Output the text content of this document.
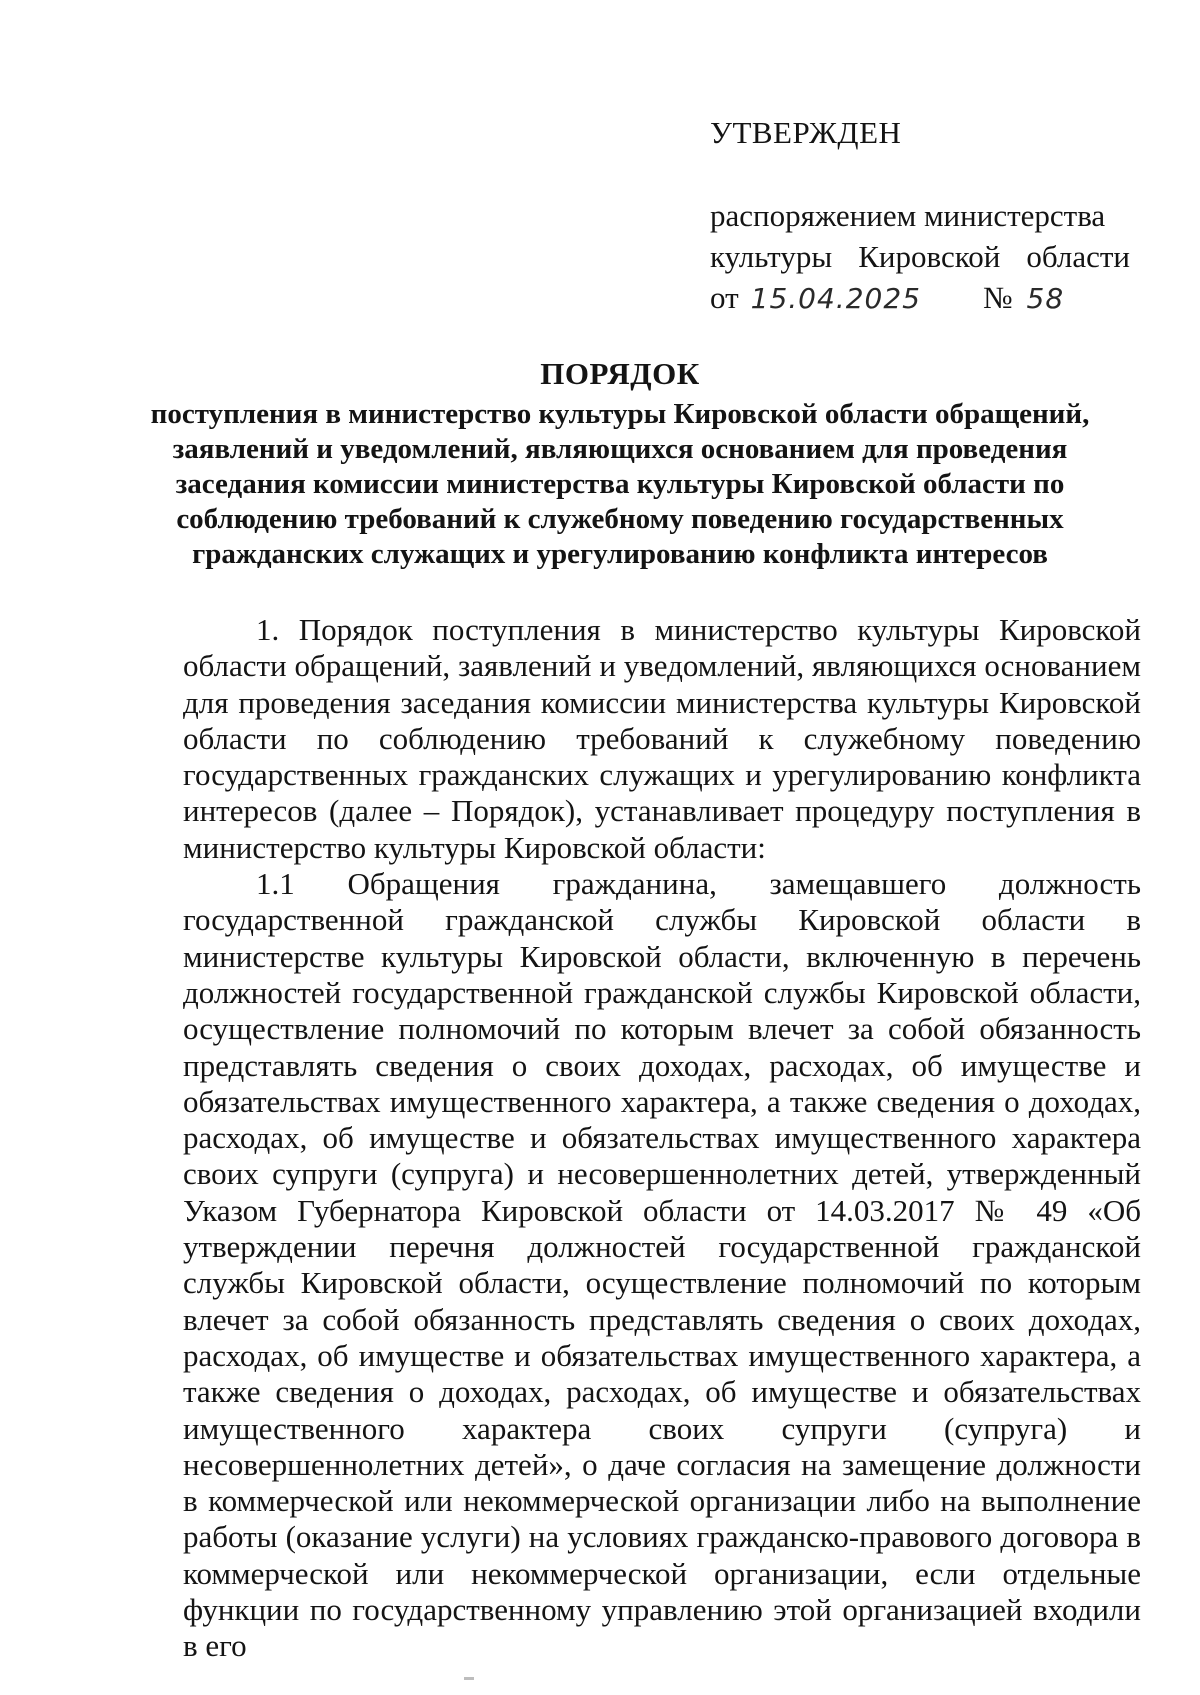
УТВЕРЖДЕН
распоряжением министерства
культуры Кировской области
от 15.04.2025 № 58

ПОРЯДОК

поступления в министерство культуры Кировской области обращений, заявлений и уведомлений, являющихся основанием для проведения заседания комиссии министерства культуры Кировской области по соблюдению требований к служебному поведению государственных гражданских служащих и урегулированию конфликта интересов

1. Порядок поступления в министерство культуры Кировской области обращений, заявлений и уведомлений, являющихся основанием для проведения заседания комиссии министерства культуры Кировской области по соблюдению требований к служебному поведению государственных гражданских служащих и урегулированию конфликта интересов (далее – Порядок), устанавливает процедуру поступления в министерство культуры Кировской области:

1.1 Обращения гражданина, замещавшего должность государственной гражданской службы Кировской области в министерстве культуры Кировской области, включенную в перечень должностей государственной гражданской службы Кировской области, осуществление полномочий по которым влечет за собой обязанность представлять сведения о своих доходах, расходах, об имуществе и обязательствах имущественного характера, а также сведения о доходах, расходах, об имуществе и обязательствах имущественного характера своих супруги (супруга) и несовершеннолетних детей, утвержденный Указом Губернатора Кировской области от 14.03.2017 № 49 «Об утверждении перечня должностей государственной гражданской службы Кировской области, осуществление полномочий по которым влечет за собой обязанность представлять сведения о своих доходах, расходах, об имуществе и обязательствах имущественного характера, а также сведения о доходах, расходах, об имуществе и обязательствах имущественного характера своих супруги (супруга) и несовершеннолетних детей», о даче согласия на замещение должности в коммерческой или некоммерческой организации либо на выполнение работы (оказание услуги) на условиях гражданско-правового договора в коммерческой или некоммерческой организации, если отдельные функции по государственному управлению этой организацией входили в его
